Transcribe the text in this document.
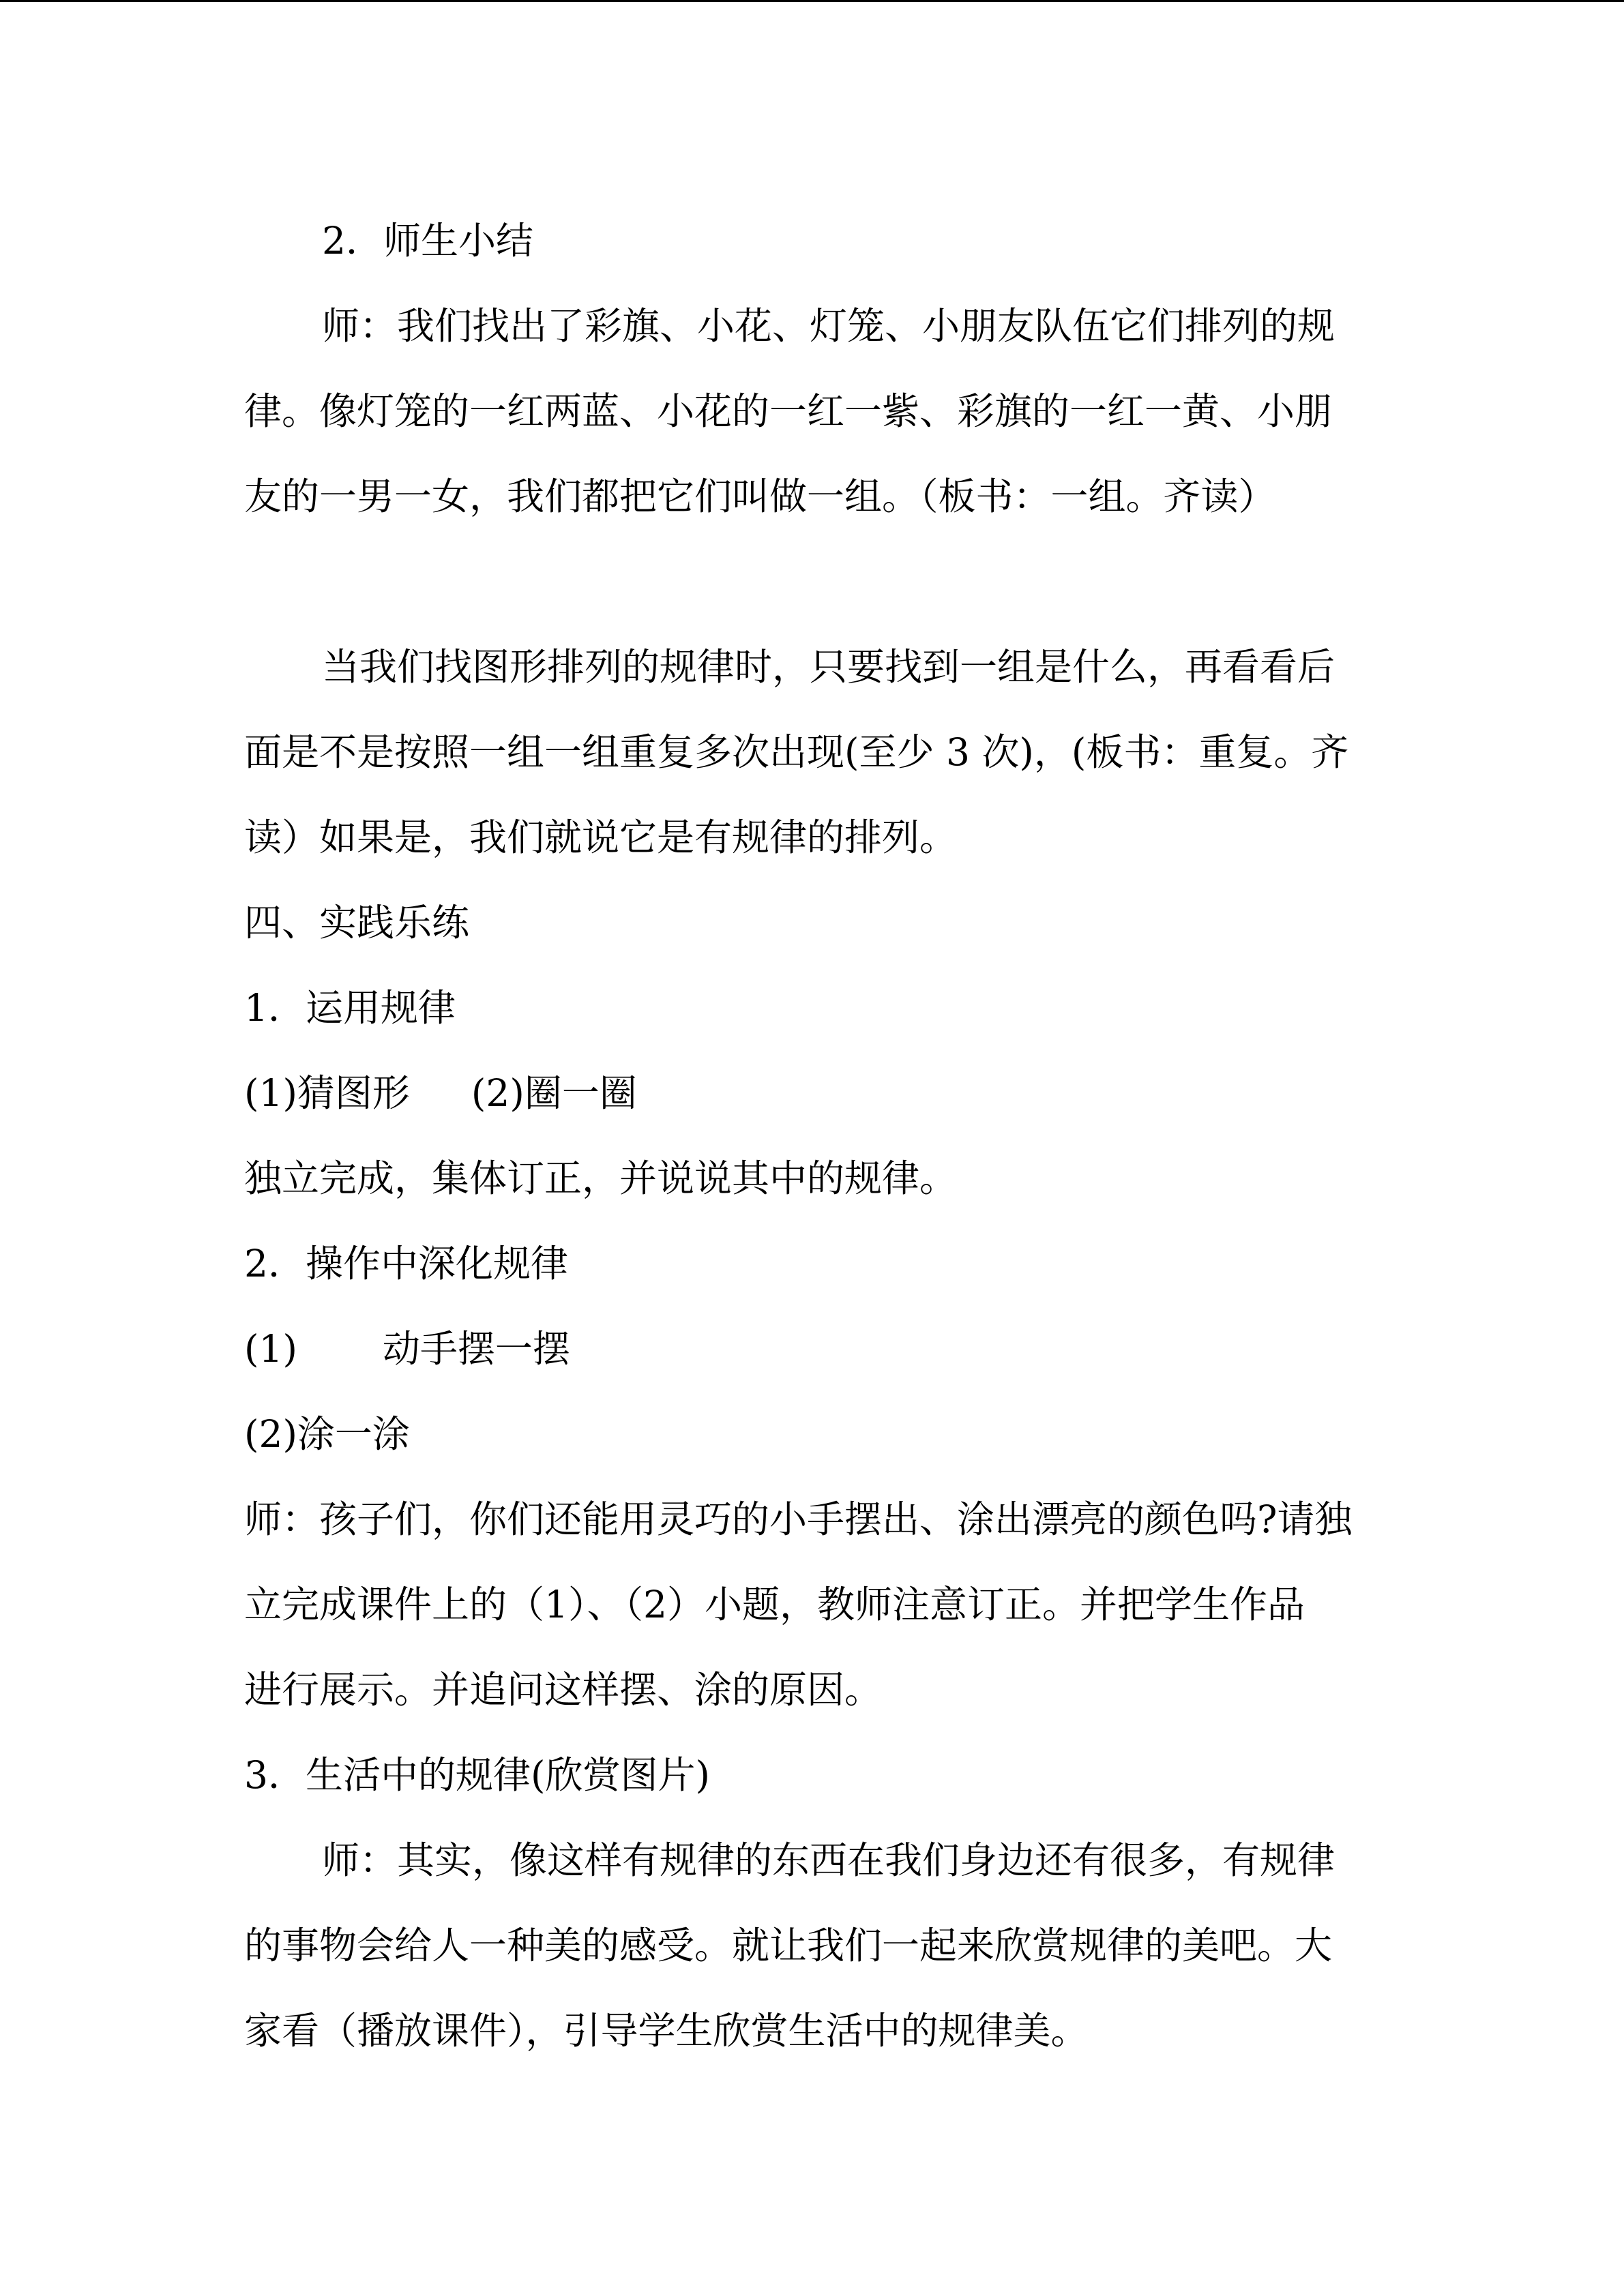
2．师生小结

师：我们找出了彩旗、小花、灯笼、小朋友队伍它们排列的规

律。像灯笼的一红两蓝、小花的一红一紫、彩旗的一红一黄、小朋

友的一男一女，我们都把它们叫做一组。（板书：一组。齐读）

当我们找图形排列的规律时，只要找到一组是什么，再看看后

面是不是按照一组一组重复多次出现(至少 3 次)，(板书：重复。齐

读）如果是，我们就说它是有规律的排列。

四、实践乐练

1．运用规律

(1)猜图形 (2)圈一圈

独立完成，集体订正，并说说其中的规律。

2．操作中深化规律

(1) 动手摆一摆

(2)涂一涂

师：孩子们，你们还能用灵巧的小手摆出、涂出漂亮的颜色吗?请独

立完成课件上的（1）、（2）小题，教师注意订正。并把学生作品

进行展示。并追问这样摆、涂的原因。

3．生活中的规律(欣赏图片)

师：其实，像这样有规律的东西在我们身边还有很多，有规律

的事物会给人一种美的感受。就让我们一起来欣赏规律的美吧。大

家看（播放课件），引导学生欣赏生活中的规律美。
